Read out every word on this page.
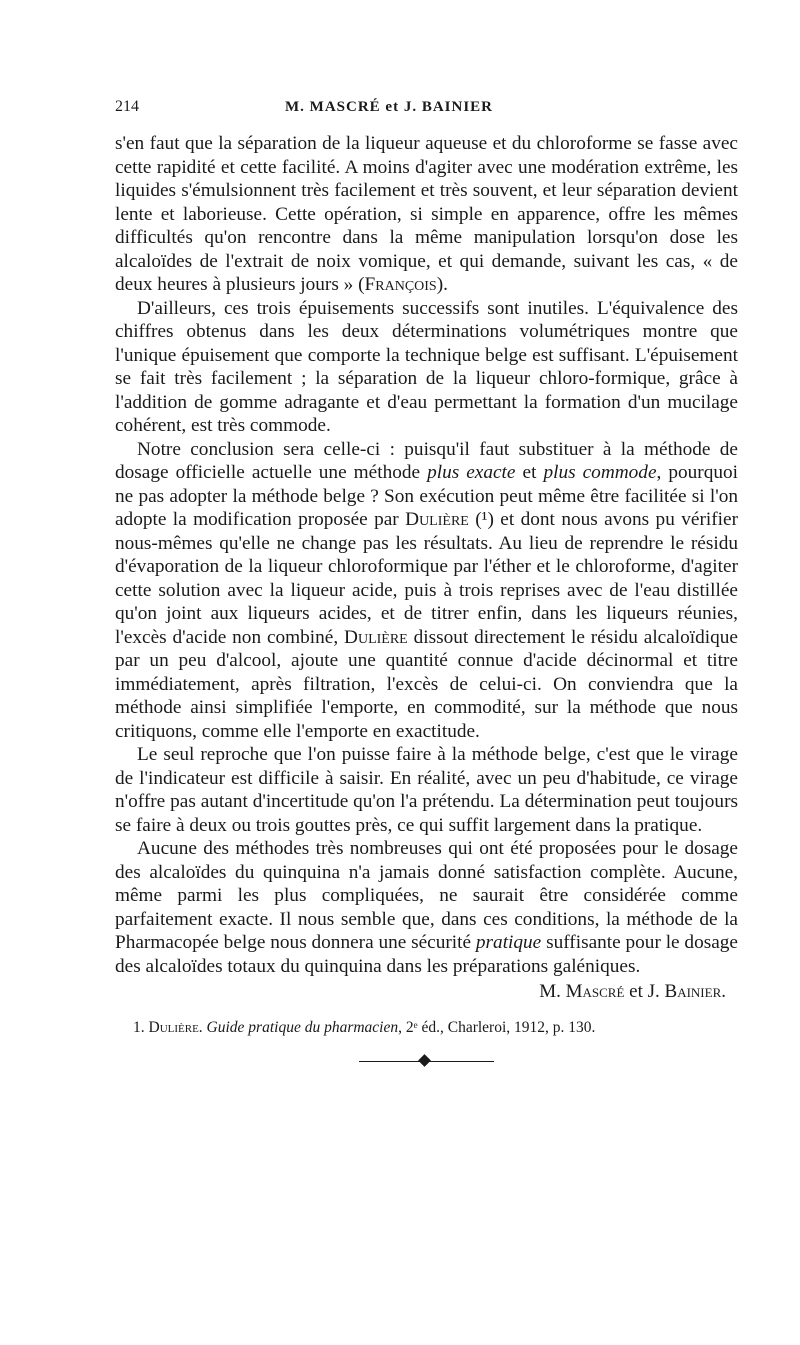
214	M. MASCRÉ et J. BAINIER

s'en faut que la séparation de la liqueur aqueuse et du chloroforme se fasse avec cette rapidité et cette facilité. A moins d'agiter avec une modération extrême, les liquides s'émulsionnent très facilement et très souvent, et leur séparation devient lente et laborieuse. Cette opération, si simple en apparence, offre les mêmes difficultés qu'on rencontre dans la même manipulation lorsqu'on dose les alcaloïdes de l'extrait de noix vomique, et qui demande, suivant les cas, « de deux heures à plusieurs jours » (François).

D'ailleurs, ces trois épuisements successifs sont inutiles. L'équivalence des chiffres obtenus dans les deux déterminations volumétriques montre que l'unique épuisement que comporte la technique belge est suffisant. L'épuisement se fait très facilement ; la séparation de la liqueur chloro-formique, grâce à l'addition de gomme adragante et d'eau permettant la formation d'un mucilage cohérent, est très commode.

Notre conclusion sera celle-ci : puisqu'il faut substituer à la méthode de dosage officielle actuelle une méthode plus exacte et plus commode, pourquoi ne pas adopter la méthode belge ? Son exécution peut même être facilitée si l'on adopte la modification proposée par Dulière (¹) et dont nous avons pu vérifier nous-mêmes qu'elle ne change pas les résultats. Au lieu de reprendre le résidu d'évaporation de la liqueur chloroformique par l'éther et le chloroforme, d'agiter cette solution avec la liqueur acide, puis à trois reprises avec de l'eau distillée qu'on joint aux liqueurs acides, et de titrer enfin, dans les liqueurs réunies, l'excès d'acide non combiné, Dulière dissout directement le résidu alcaloïdique par un peu d'alcool, ajoute une quantité connue d'acide décinormal et titre immédiatement, après filtration, l'excès de celui-ci. On conviendra que la méthode ainsi simplifiée l'emporte, en commodité, sur la méthode que nous critiquons, comme elle l'emporte en exactitude.

Le seul reproche que l'on puisse faire à la méthode belge, c'est que le virage de l'indicateur est difficile à saisir. En réalité, avec un peu d'habitude, ce virage n'offre pas autant d'incertitude qu'on l'a prétendu. La détermination peut toujours se faire à deux ou trois gouttes près, ce qui suffit largement dans la pratique.

Aucune des méthodes très nombreuses qui ont été proposées pour le dosage des alcaloïdes du quinquina n'a jamais donné satisfaction complète. Aucune, même parmi les plus compliquées, ne saurait être considérée comme parfaitement exacte. Il nous semble que, dans ces conditions, la méthode de la Pharmacopée belge nous donnera une sécurité pratique suffisante pour le dosage des alcaloïdes totaux du quinquina dans les préparations galéniques.

M. Mascré et J. Bainier.
1. Dulière. Guide pratique du pharmacien, 2ᵉ éd., Charleroi, 1912, p. 130.
